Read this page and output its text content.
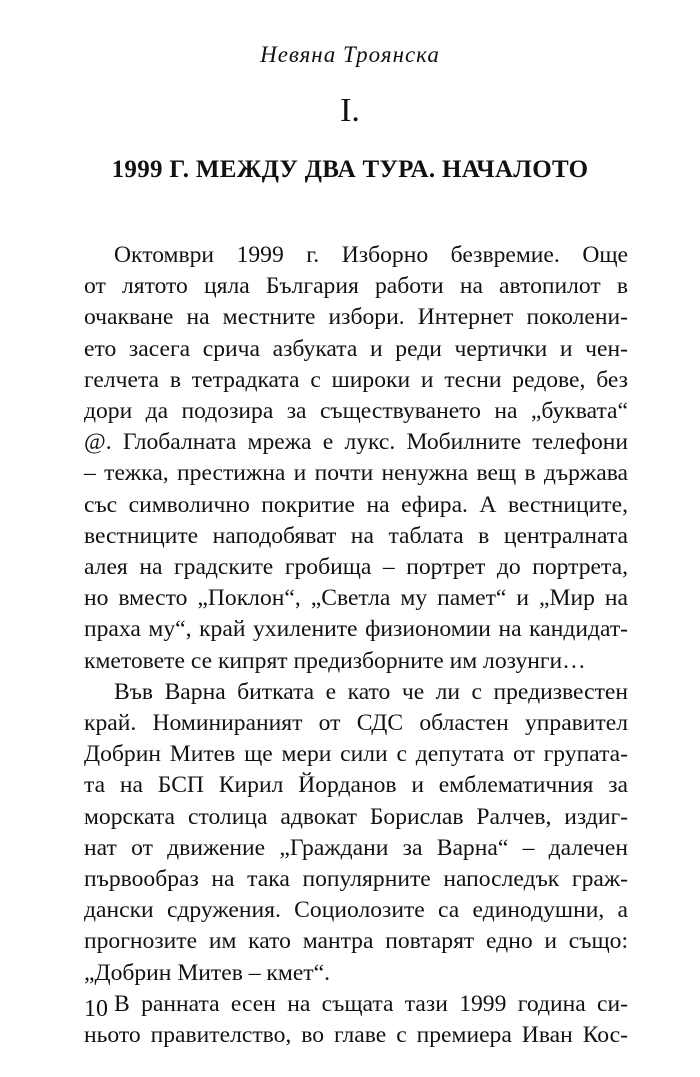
Невяна Троянска
I.
1999 Г. МЕЖДУ ДВА ТУРА. НАЧАЛОТО
Октомври 1999 г. Изборно безвремие. Още
от лятото цяла България работи на автопилот в
очакване на местните избори. Интернет поколени-
ето засега срича азбуката и реди чертички и чен-
гелчета в тетрадката с широки и тесни редове, без
дори да подозира за съществуването на „буквата“
@. Глобалната мрежа е лукс. Мобилните телефони
– тежка, престижна и почти ненужна вещ в държава
със символично покритие на ефира. А вестниците,
вестниците наподобяват на таблата в централната
алея на градските гробища – портрет до портрета,
но вместо „Поклон“, „Светла му памет“ и „Мир на
праха му“, край ухилените физиономии на кандидат-
кметовете се кипрят предизборните им лозунги…
Във Варна битката е като че ли с предизвестен
край. Номинираният от СДС областен управител
Добрин Митев ще мери сили с депутата от групата-
та на БСП Кирил Йорданов и емблематичния за
морската столица адвокат Борислав Ралчев, издиг-
нат от движение „Граждани за Варна“ – далечен
първообраз на така популярните напоследък граж-
дански сдружения. Социолозите са единодушни, а
прогнозите им като мантра повтарят едно и също:
„Добрин Митев – кмет“.
В ранната есен на същата тази 1999 година си-
ньото правителство, во главе с премиера Иван Кос-
10
